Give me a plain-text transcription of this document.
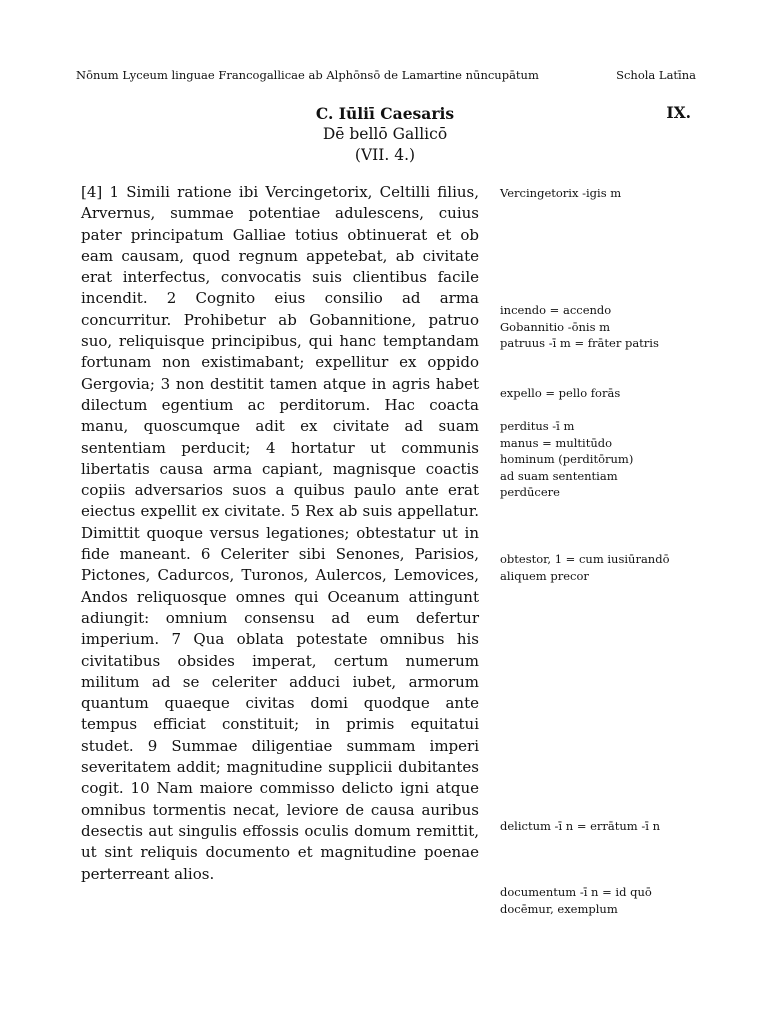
Nōnum Lyceum linguae Francogallicae ab Alphōnsō de Lamartine nūncupātum	Schola Latīna
C. Iūliī Caesaris
Dē bellō Gallicō
(VII. 4.)
IX.

[4] 1 Simili ratione ibi Vercingetorix, Celtilli filius, Arvernus, summae potentiae adulescens, cuius pater principatum Galliae totius obtinuerat et ob eam causam, quod regnum appetebat, ab civitate erat interfectus, convocatis suis clientibus facile incendit. 2 Cognito eius consilio ad arma concurritur. Prohibetur ab Gobannitione, patruo suo, reliquisque principibus, qui hanc temptandam fortunam non existimabant; expellitur ex oppido Gergovia; 3 non destitit tamen atque in agris habet dilectum egentium ac perditorum. Hac coacta manu, quoscumque adit ex civitate ad suam sententiam perducit; 4 hortatur ut communis libertatis causa arma capiant, magnisque coactis copiis adversarios suos a quibus paulo ante erat eiectus expellit ex civitate. 5 Rex ab suis appellatur. Dimittit quoque versus legationes; obtestatur ut in fide maneant. 6 Celeriter sibi Senones, Parisios, Pictones, Cadurcos, Turonos, Aulercos, Lemovices, Andos reliquosque omnes qui Oceanum attingunt adiungit: omnium consensu ad eum defertur imperium. 7 Qua oblata potestate omnibus his civitatibus obsides imperat, certum numerum militum ad se celeriter adduci iubet, armorum quantum quaeque civitas domi quodque ante tempus efficiat constituit; in primis equitatui studet. 9 Summae diligentiae summam imperi severitatem addit; magnitudine supplicii dubitantes cogit. 10 Nam maiore commisso delicto igni atque omnibus tormentis necat, leviore de causa auribus desectis aut singulis effossis oculis domum remittit, ut sint reliquis documento et magnitudine poenae perterreant alios.

Vercingetorix -igis m
incendo = accendo
Gobannitio -ōnis m
patruus -ī m = frāter patris
expello = pello forās
perditus -ī m
manus = multitūdo
hominum (perditōrum)
ad suam sententiam
perdūcere
obtestor, 1 = cum iusiūrandō
aliquem precor
delictum -ī n = errātum -ī n
documentum -ī n = id quō
docēmur, exemplum
